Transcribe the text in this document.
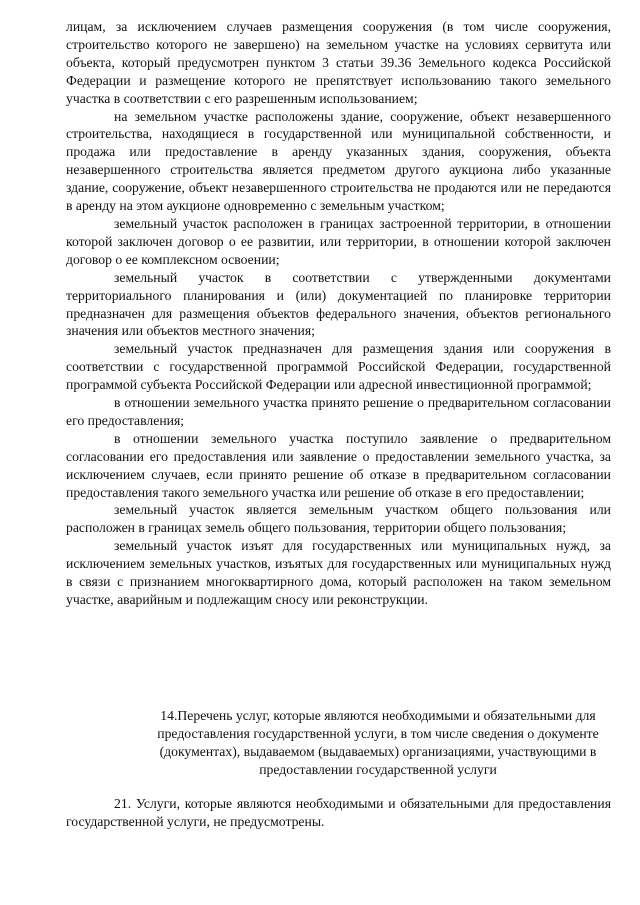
лицам, за исключением случаев размещения сооружения (в том числе сооружения, строительство которого не завершено) на земельном участке на условиях сервитута или объекта, который предусмотрен пунктом 3 статьи 39.36 Земельного кодекса Российской Федерации и размещение которого не препятствует использованию такого земельного участка в соответствии с его разрешенным использованием;

на земельном участке расположены здание, сооружение, объект незавершенного строительства, находящиеся в государственной или муниципальной собственности, и продажа или предоставление в аренду указанных здания, сооружения, объекта незавершенного строительства является предметом другого аукциона либо указанные здание, сооружение, объект незавершенного строительства не продаются или не передаются в аренду на этом аукционе одновременно с земельным участком;

земельный участок расположен в границах застроенной территории, в отношении которой заключен договор о ее развитии, или территории, в отношении которой заключен договор о ее комплексном освоении;

земельный участок в соответствии с утвержденными документами территориального планирования и (или) документацией по планировке территории предназначен для размещения объектов федерального значения, объектов регионального значения или объектов местного значения;

земельный участок предназначен для размещения здания или сооружения в соответствии с государственной программой Российской Федерации, государственной программой субъекта Российской Федерации или адресной инвестиционной программой;

в отношении земельного участка принято решение о предварительном согласовании его предоставления;

в отношении земельного участка поступило заявление о предварительном согласовании его предоставления или заявление о предоставлении земельного участка, за исключением случаев, если принято решение об отказе в предварительном согласовании предоставления такого земельного участка или решение об отказе в его предоставлении;

земельный участок является земельным участком общего пользования или расположен в границах земель общего пользования, территории общего пользования;

земельный участок изъят для государственных или муниципальных нужд, за исключением земельных участков, изъятых для государственных или муниципальных нужд в связи с признанием многоквартирного дома, который расположен на таком земельном участке, аварийным и подлежащим сносу или реконструкции.

14.Перечень услуг, которые являются необходимыми и обязательными для предоставления государственной услуги, в том числе сведения о документе (документах), выдаваемом (выдаваемых) организациями, участвующими в предоставлении государственной услуги

21. Услуги, которые являются необходимыми и обязательными для предоставления государственной услуги, не предусмотрены.
